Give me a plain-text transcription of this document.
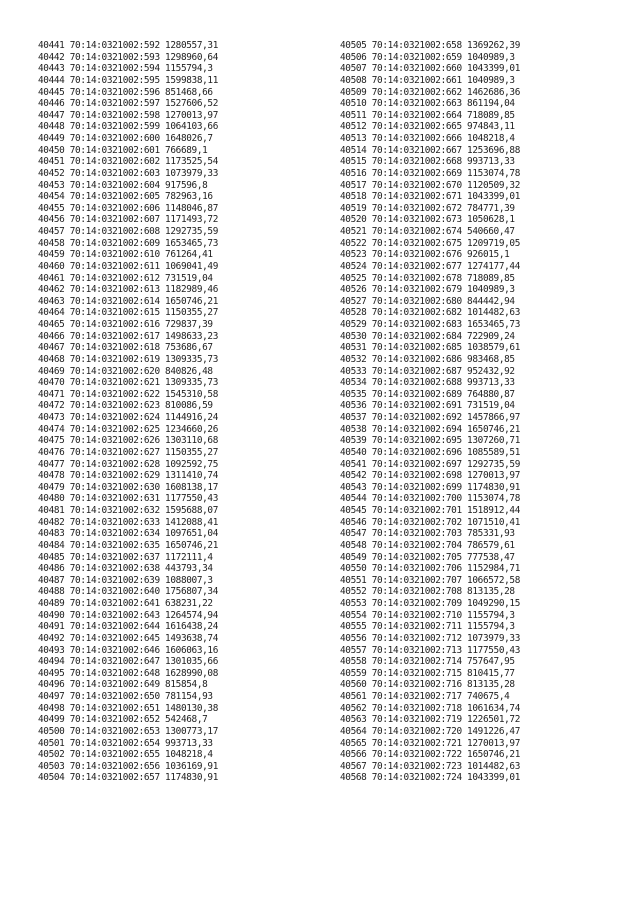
40441 70:14:0321002:592 1280557,31
40442 70:14:0321002:593 1298960,64
40443 70:14:0321002:594 1155794,3
40444 70:14:0321002:595 1599838,11
40445 70:14:0321002:596 851468,66
40446 70:14:0321002:597 1527606,52
40447 70:14:0321002:598 1270013,97
40448 70:14:0321002:599 1064103,66
40449 70:14:0321002:600 1648026,7
40450 70:14:0321002:601 766689,1
40451 70:14:0321002:602 1173525,54
40452 70:14:0321002:603 1073979,33
40453 70:14:0321002:604 917596,8
40454 70:14:0321002:605 782963,16
40455 70:14:0321002:606 1148046,87
40456 70:14:0321002:607 1171493,72
40457 70:14:0321002:608 1292735,59
40458 70:14:0321002:609 1653465,73
40459 70:14:0321002:610 761264,41
40460 70:14:0321002:611 1069041,49
40461 70:14:0321002:612 731519,04
40462 70:14:0321002:613 1182989,46
40463 70:14:0321002:614 1650746,21
40464 70:14:0321002:615 1150355,27
40465 70:14:0321002:616 729837,39
40466 70:14:0321002:617 1498633,23
40467 70:14:0321002:618 753686,67
40468 70:14:0321002:619 1309335,73
40469 70:14:0321002:620 840826,48
40470 70:14:0321002:621 1309335,73
40471 70:14:0321002:622 1545310,58
40472 70:14:0321002:623 810086,59
40473 70:14:0321002:624 1144916,24
40474 70:14:0321002:625 1234660,26
40475 70:14:0321002:626 1303110,68
40476 70:14:0321002:627 1150355,27
40477 70:14:0321002:628 1092592,75
40478 70:14:0321002:629 1311410,74
40479 70:14:0321002:630 1608138,17
40480 70:14:0321002:631 1177550,43
40481 70:14:0321002:632 1595688,07
40482 70:14:0321002:633 1412088,41
40483 70:14:0321002:634 1097651,04
40484 70:14:0321002:635 1650746,21
40485 70:14:0321002:637 1172111,4
40486 70:14:0321002:638 443793,34
40487 70:14:0321002:639 1088007,3
40488 70:14:0321002:640 1756807,34
40489 70:14:0321002:641 638231,22
40490 70:14:0321002:643 1264574,94
40491 70:14:0321002:644 1616438,24
40492 70:14:0321002:645 1493638,74
40493 70:14:0321002:646 1606063,16
40494 70:14:0321002:647 1301035,66
40495 70:14:0321002:648 1628990,08
40496 70:14:0321002:649 815854,8
40497 70:14:0321002:650 781154,93
40498 70:14:0321002:651 1480130,38
40499 70:14:0321002:652 542468,7
40500 70:14:0321002:653 1300773,17
40501 70:14:0321002:654 993713,33
40502 70:14:0321002:655 1048218,4
40503 70:14:0321002:656 1036169,91
40504 70:14:0321002:657 1174830,91
40505 70:14:0321002:658 1369262,39
40506 70:14:0321002:659 1040989,3
40507 70:14:0321002:660 1043399,01
40508 70:14:0321002:661 1040989,3
40509 70:14:0321002:662 1462686,36
40510 70:14:0321002:663 861194,04
40511 70:14:0321002:664 718089,85
40512 70:14:0321002:665 974843,11
40513 70:14:0321002:666 1048218,4
40514 70:14:0321002:667 1253696,88
40515 70:14:0321002:668 993713,33
40516 70:14:0321002:669 1153074,78
40517 70:14:0321002:670 1120509,32
40518 70:14:0321002:671 1043399,01
40519 70:14:0321002:672 784771,39
40520 70:14:0321002:673 1050628,1
40521 70:14:0321002:674 540660,47
40522 70:14:0321002:675 1209719,05
40523 70:14:0321002:676 926015,1
40524 70:14:0321002:677 1274177,44
40525 70:14:0321002:678 718089,85
40526 70:14:0321002:679 1040989,3
40527 70:14:0321002:680 844442,94
40528 70:14:0321002:682 1014482,63
40529 70:14:0321002:683 1653465,73
40530 70:14:0321002:684 722909,24
40531 70:14:0321002:685 1038579,61
40532 70:14:0321002:686 983468,85
40533 70:14:0321002:687 952432,92
40534 70:14:0321002:688 993713,33
40535 70:14:0321002:689 764880,87
40536 70:14:0321002:691 731519,04
40537 70:14:0321002:692 1457866,97
40538 70:14:0321002:694 1650746,21
40539 70:14:0321002:695 1307260,71
40540 70:14:0321002:696 1085589,51
40541 70:14:0321002:697 1292735,59
40542 70:14:0321002:698 1270013,97
40543 70:14:0321002:699 1174830,91
40544 70:14:0321002:700 1153074,78
40545 70:14:0321002:701 1518912,44
40546 70:14:0321002:702 1071510,41
40547 70:14:0321002:703 785331,93
40548 70:14:0321002:704 786579,61
40549 70:14:0321002:705 777538,47
40550 70:14:0321002:706 1152984,71
40551 70:14:0321002:707 1066572,58
40552 70:14:0321002:708 813135,28
40553 70:14:0321002:709 1049290,15
40554 70:14:0321002:710 1155794,3
40555 70:14:0321002:711 1155794,3
40556 70:14:0321002:712 1073979,33
40557 70:14:0321002:713 1177550,43
40558 70:14:0321002:714 757647,95
40559 70:14:0321002:715 810415,77
40560 70:14:0321002:716 813135,28
40561 70:14:0321002:717 740675,4
40562 70:14:0321002:718 1061634,74
40563 70:14:0321002:719 1226501,72
40564 70:14:0321002:720 1491226,47
40565 70:14:0321002:721 1270013,97
40566 70:14:0321002:722 1650746,21
40567 70:14:0321002:723 1014482,63
40568 70:14:0321002:724 1043399,01
